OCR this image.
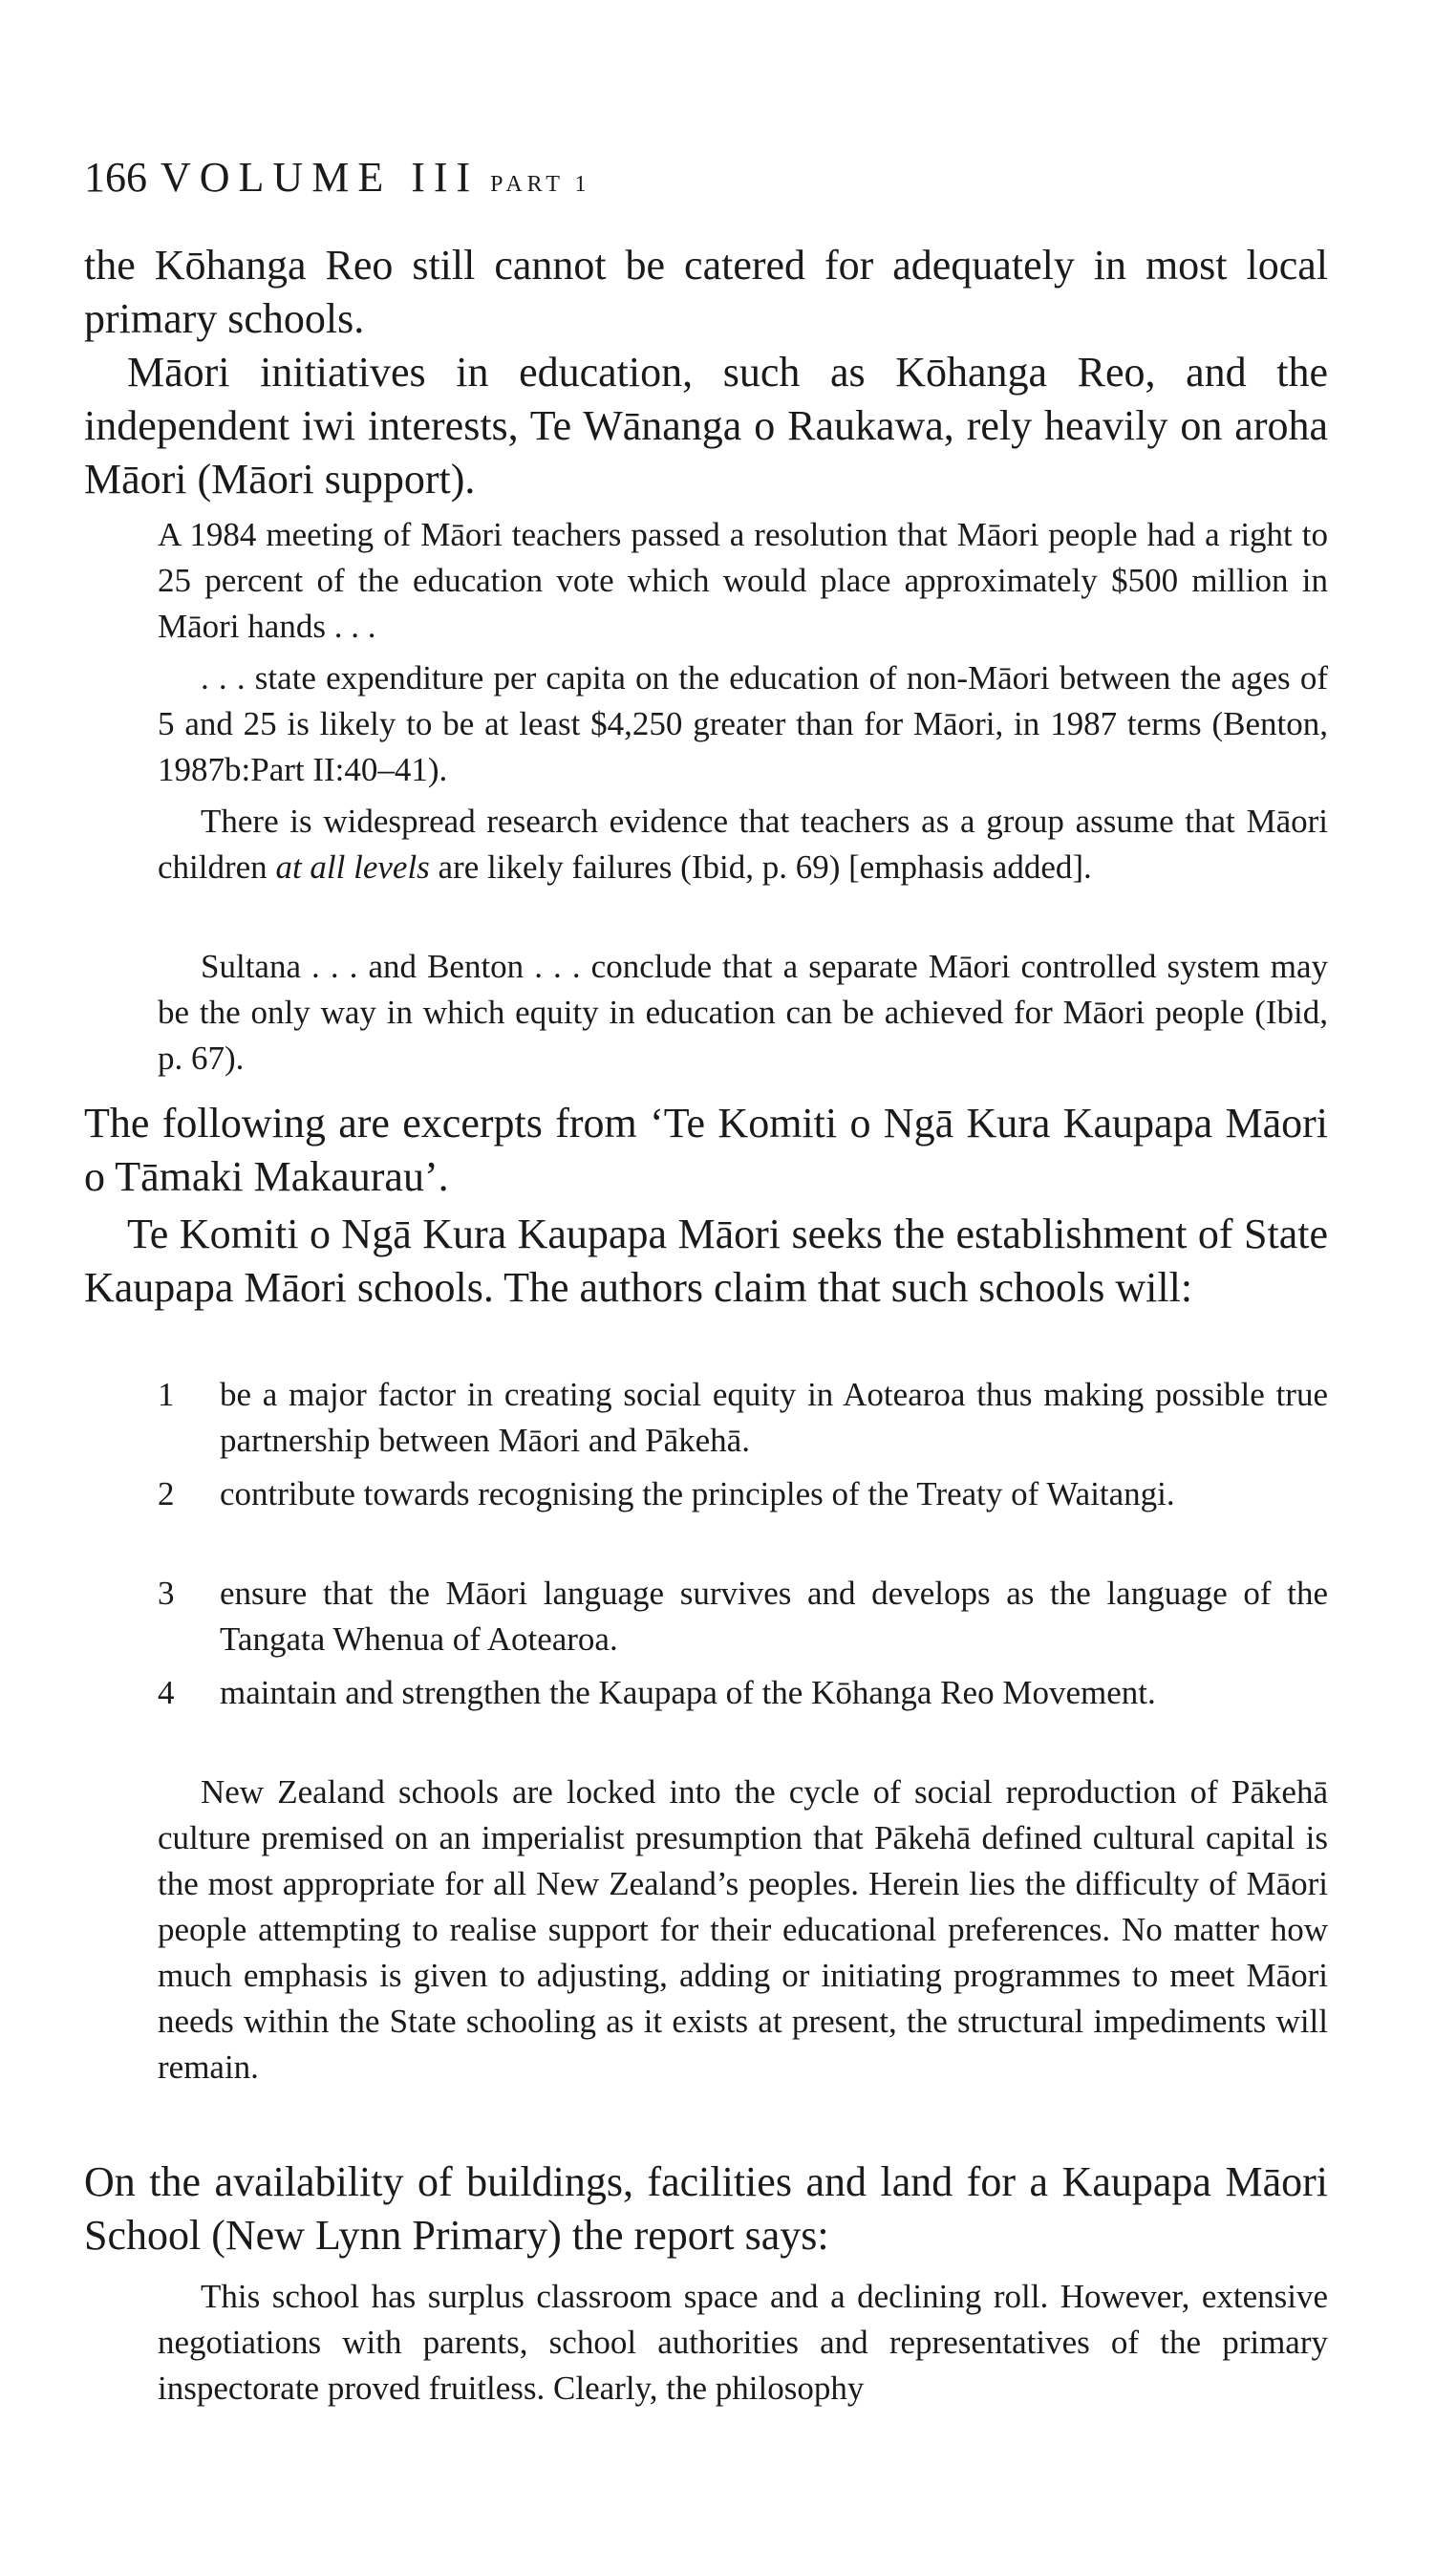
166 VOLUME III PART 1
the Kōhanga Reo still cannot be catered for adequately in most local primary schools.
Māori initiatives in education, such as Kōhanga Reo, and the independent iwi interests, Te Wānanga o Raukawa, rely heavily on aroha Māori (Māori support).
A 1984 meeting of Māori teachers passed a resolution that Māori people had a right to 25 percent of the education vote which would place approximately $500 million in Māori hands . . .
. . . state expenditure per capita on the education of non-Māori between the ages of 5 and 25 is likely to be at least $4,250 greater than for Māori, in 1987 terms (Benton, 1987b:Part II:40–41).
There is widespread research evidence that teachers as a group assume that Māori children at all levels are likely failures (Ibid, p. 69) [emphasis added].
Sultana . . . and Benton . . . conclude that a separate Māori controlled system may be the only way in which equity in education can be achieved for Māori people (Ibid, p. 67).
The following are excerpts from ‘Te Komiti o Ngā Kura Kaupapa Māori o Tāmaki Makaurau’.
Te Komiti o Ngā Kura Kaupapa Māori seeks the establishment of State Kaupapa Māori schools. The authors claim that such schools will:
1	be a major factor in creating social equity in Aotearoa thus making possible true partnership between Māori and Pākehā.
2	contribute towards recognising the principles of the Treaty of Waitangi.
3	ensure that the Māori language survives and develops as the language of the Tangata Whenua of Aotearoa.
4	maintain and strengthen the Kaupapa of the Kōhanga Reo Movement.
New Zealand schools are locked into the cycle of social reproduction of Pākehā culture premised on an imperialist presumption that Pākehā defined cultural capital is the most appropriate for all New Zealand’s peoples. Herein lies the difficulty of Māori people attempting to realise support for their educational preferences. No matter how much emphasis is given to adjusting, adding or initiating programmes to meet Māori needs within the State schooling as it exists at present, the structural impediments will remain.
On the availability of buildings, facilities and land for a Kaupapa Māori School (New Lynn Primary) the report says:
This school has surplus classroom space and a declining roll. However, extensive negotiations with parents, school authorities and representatives of the primary inspectorate proved fruitless. Clearly, the philosophy
